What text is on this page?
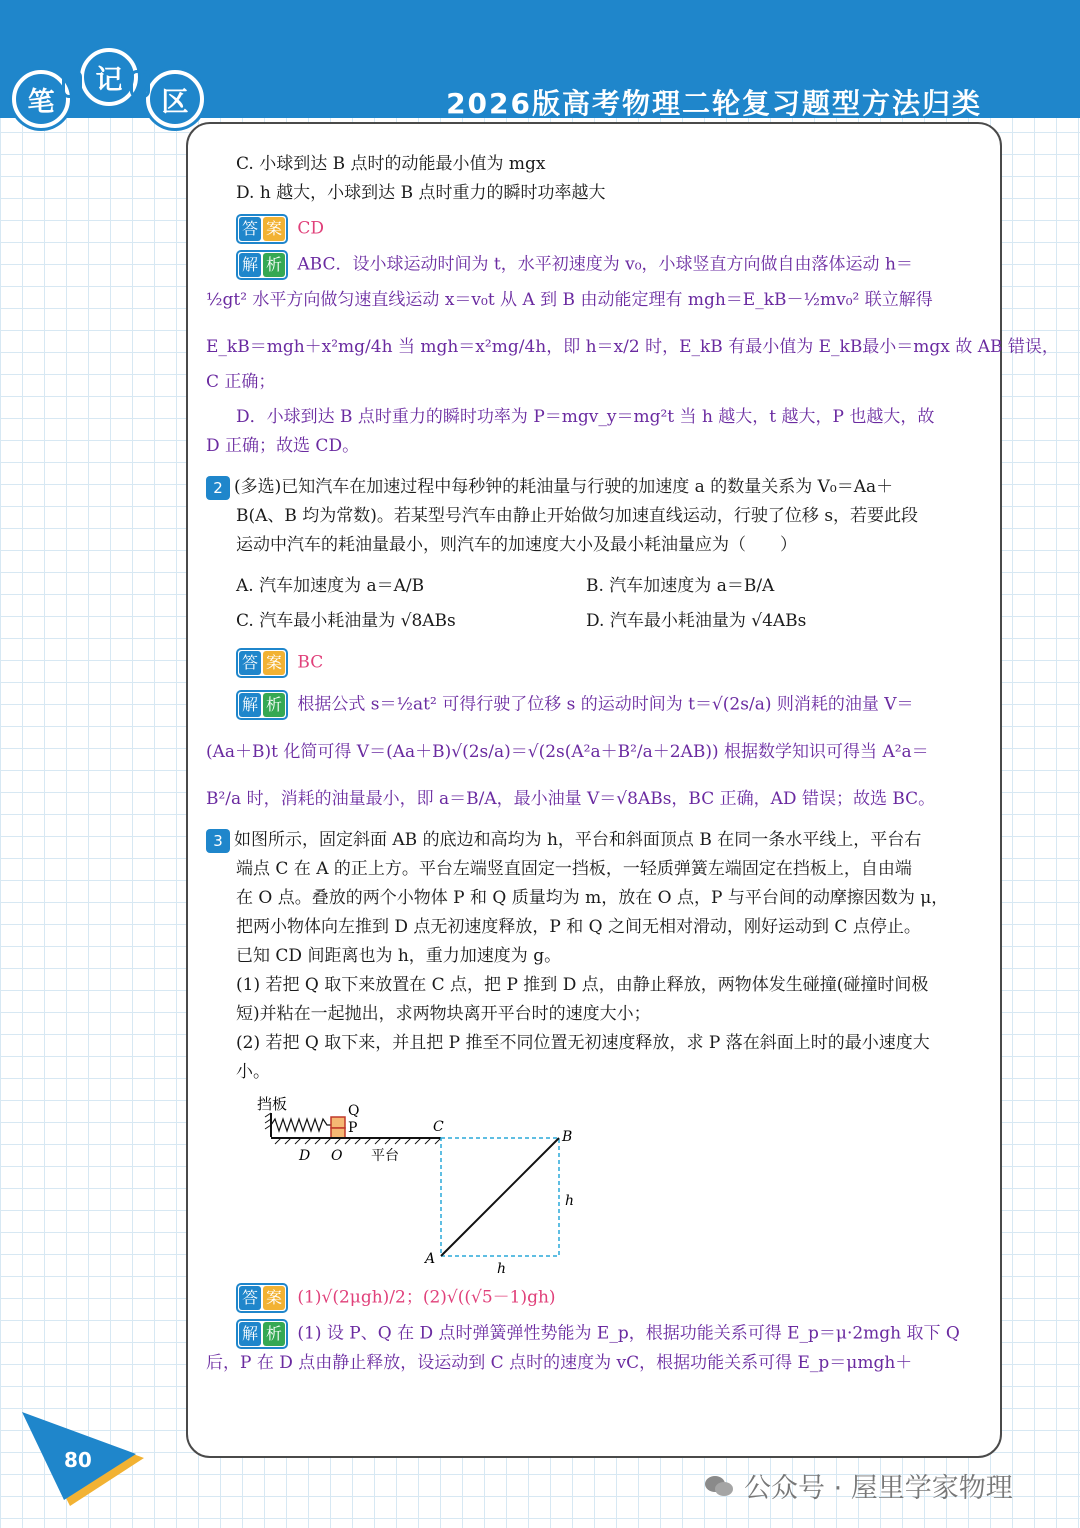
笔
记
区	2026版高考物理二轮复习题型方法归类

C. 小球到达 B 点时的动能最小值为 mgx

D. h 越大，小球到达 B 点时重力的瞬时功率越大

答 案 CD

解 析 ABC．设小球运动时间为 t，水平初速度为 v₀，小球竖直方向做自由落体运动 h＝

½gt² 水平方向做匀速直线运动 x＝v₀t 从 A 到 B 由动能定理有 mgh＝E_kB－½mv₀² 联立解得

E_kB＝mgh＋x²mg/4h 当 mgh＝x²mg/4h，即 h＝x/2 时，E_kB 有最小值为 E_kB最小＝mgx 故 AB 错误，

C 正确；

D．小球到达 B 点时重力的瞬时功率为 P＝mgv_y＝mg²t 当 h 越大，t 越大，P 也越大，故

D 正确；故选 CD。

2 (多选)已知汽车在加速过程中每秒钟的耗油量与行驶的加速度 a 的数量关系为 V₀＝Aa＋

B(A、B 均为常数)。若某型号汽车由静止开始做匀加速直线运动，行驶了位移 s，若要此段

运动中汽车的耗油量最小，则汽车的加速度大小及最小耗油量应为（　　）

A. 汽车加速度为 a＝A/B	B. 汽车加速度为 a＝B/A
C. 汽车最小耗油量为 √8ABs	D. 汽车最小耗油量为 √4ABs

答 案 BC

解 析 根据公式 s＝½at² 可得行驶了位移 s 的运动时间为 t＝√(2s/a) 则消耗的油量 V＝

(Aa＋B)t 化简可得 V＝(Aa＋B)√(2s/a)＝√(2s(A²a＋B²/a＋2AB)) 根据数学知识可得当 A²a＝

B²/a 时，消耗的油量最小，即 a＝B/A，最小油量 V＝√8ABs，BC 正确，AD 错误；故选 BC。

3 如图所示，固定斜面 AB 的底边和高均为 h，平台和斜面顶点 B 在同一条水平线上，平台右

端点 C 在 A 的正上方。平台左端竖直固定一挡板，一轻质弹簧左端固定在挡板上，自由端

在 O 点。叠放的两个小物体 P 和 Q 质量均为 m，放在 O 点，P 与平台间的动摩擦因数为 μ，

把两小物体向左推到 D 点无初速度释放，P 和 Q 之间无相对滑动，刚好运动到 C 点停止。

已知 CD 间距离也为 h，重力加速度为 g。

(1) 若把 Q 取下来放置在 C 点，把 P 推到 D 点，由静止释放，两物体发生碰撞(碰撞时间极

短)并粘在一起抛出，求两物块离开平台时的速度大小；

(2) 若把 Q 取下来，并且把 P 推至不同位置无初速度释放，求 P 落在斜面上时的最小速度大

小。

挡板	Q
P	C
B
D O 平台
h
A
h

答 案 (1)√(2μgh)/2；(2)√((√5－1)gh)

解 析 (1) 设 P、Q 在 D 点时弹簧弹性势能为 E_p，根据功能关系可得 E_p＝μ·2mgh 取下 Q

后，P 在 D 点由静止释放，设运动到 C 点时的速度为 vC，根据功能关系可得 E_p＝μmgh＋

80
公众号 · 屋里学家物理
